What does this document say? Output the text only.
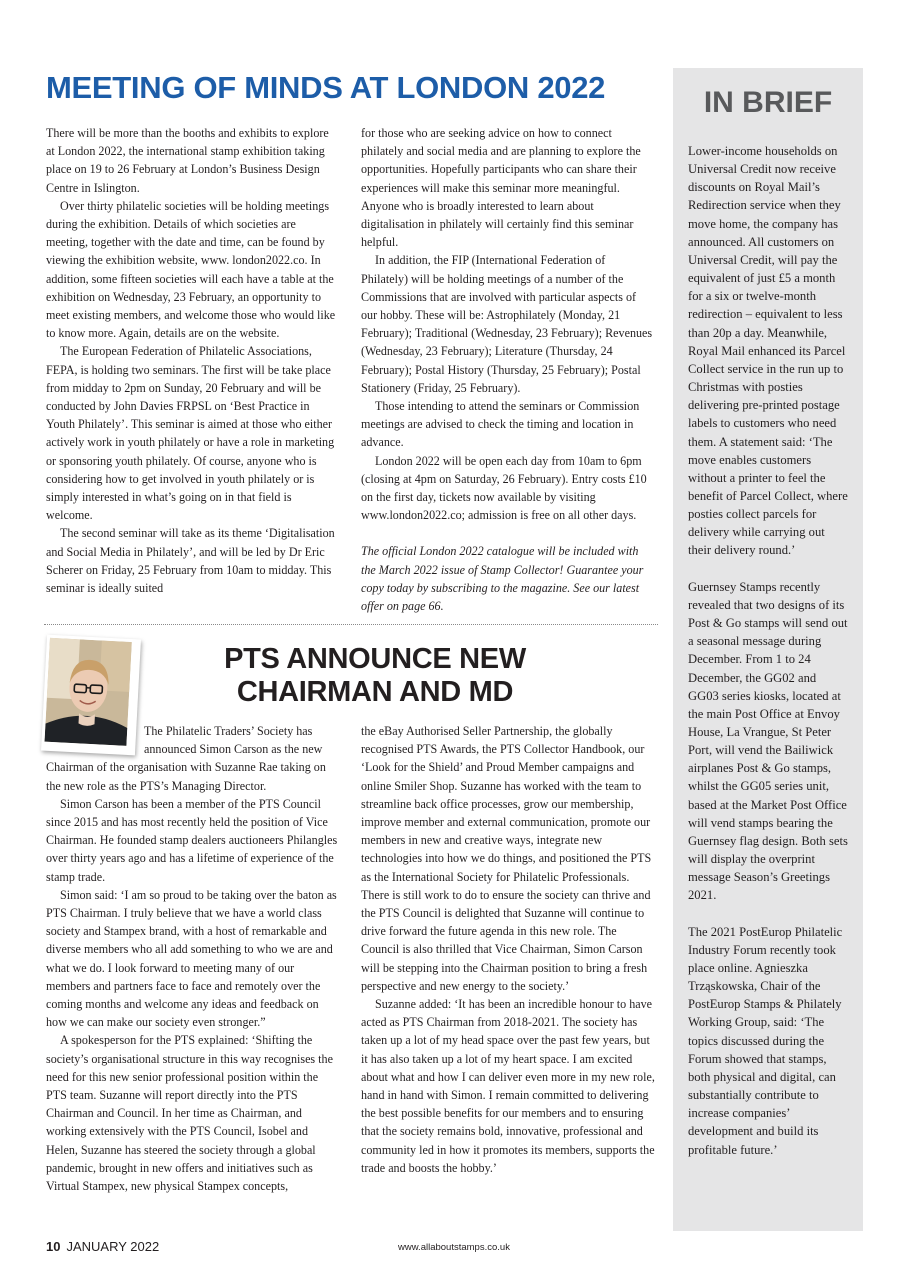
MEETING OF MINDS AT LONDON 2022

There will be more than the booths and exhibits to explore at London 2022, the international stamp exhibition taking place on 19 to 26 February at London’s Business Design Centre in Islington.

Over thirty philatelic societies will be holding meetings during the exhibition. Details of which societies are meeting, together with the date and time, can be found by viewing the exhibition website, www. london2022.co. In addition, some fifteen societies will each have a table at the exhibition on Wednesday, 23 February, an opportunity to meet existing members, and welcome those who would like to know more. Again, details are on the website.

The European Federation of Philatelic Associations, FEPA, is holding two seminars. The first will be take place from midday to 2pm on Sunday, 20 February and will be conducted by John Davies FRPSL on ‘Best Practice in Youth Philately’. This seminar is aimed at those who either actively work in youth philately or have a role in marketing or sponsoring youth philately. Of course, anyone who is considering how to get involved in youth philately or is simply interested in what’s going on in that field is welcome.

The second seminar will take as its theme ‘Digitalisation and Social Media in Philately’, and will be led by Dr Eric Scherer on Friday, 25 February from 10am to midday. This seminar is ideally suited

for those who are seeking advice on how to connect philately and social media and are planning to explore the opportunities. Hopefully participants who can share their experiences will make this seminar more meaningful. Anyone who is broadly interested to learn about digitalisation in philately will certainly find this seminar helpful.

In addition, the FIP (International Federation of Philately) will be holding meetings of a number of the Commissions that are involved with particular aspects of our hobby. These will be: Astrophilately (Monday, 21 February); Traditional (Wednesday, 23 February); Revenues (Wednesday, 23 February); Literature (Thursday, 24 February); Postal History (Thursday, 25 February); Postal Stationery (Friday, 25 February).

Those intending to attend the seminars or Commission meetings are advised to check the timing and location in advance.

London 2022 will be open each day from 10am to 6pm (closing at 4pm on Saturday, 26 February). Entry costs £10 on the first day, tickets now available by visiting www.london2022.co; admission is free on all other days.

The official London 2022 catalogue will be included with the March 2022 issue of Stamp Collector! Guarantee your copy today by subscribing to the magazine. See our latest offer on page 66.

PTS ANNOUNCE NEW CHAIRMAN AND MD
The Philatelic Traders’ Society has
announced Simon Carson as the new
Chairman of the organisation with Suzanne Rae taking on the new role as the PTS’s Managing Director.

Simon Carson has been a member of the PTS Council since 2015 and has most recently held the position of Vice Chairman. He founded stamp dealers auctioneers Philangles over thirty years ago and has a lifetime of experience of the stamp trade.

Simon said: ‘I am so proud to be taking over the baton as PTS Chairman. I truly believe that we have a world class society and Stampex brand, with a host of remarkable and diverse members who all add something to who we are and what we do. I look forward to meeting many of our members and partners face to face and remotely over the coming months and welcome any ideas and feedback on how we can make our society even stronger.”

A spokesperson for the PTS explained: ‘Shifting the society’s organisational structure in this way recognises the need for this new senior professional position within the PTS team. Suzanne will report directly into the PTS Chairman and Council. In her time as Chairman, and working extensively with the PTS Council, Isobel and Helen, Suzanne has steered the society through a global pandemic, brought in new offers and initiatives such as Virtual Stampex, new physical Stampex concepts,

the eBay Authorised Seller Partnership, the globally recognised PTS Awards, the PTS Collector Handbook, our ‘Look for the Shield’ and Proud Member campaigns and online Smiler Shop. Suzanne has worked with the team to streamline back office processes, grow our membership, improve member and external communication, promote our members in new and creative ways, integrate new technologies into how we do things, and positioned the PTS as the International Society for Philatelic Professionals. There is still work to do to ensure the society can thrive and the PTS Council is delighted that Suzanne will continue to drive forward the future agenda in this new role. The Council is also thrilled that Vice Chairman, Simon Carson will be stepping into the Chairman position to bring a fresh perspective and new energy to the society.’

Suzanne added: ‘It has been an incredible honour to have acted as PTS Chairman from 2018-2021. The society has taken up a lot of my head space over the past few years, but it has also taken up a lot of my heart space. I am excited about what and how I can deliver even more in my new role, hand in hand with Simon. I remain committed to delivering the best possible benefits for our members and to ensuring that the society remains bold, innovative, professional and community led in how it promotes its members, supports the trade and boosts the hobby.’

IN BRIEF

Lower-income households on Universal Credit now receive discounts on Royal Mail’s Redirection service when they move home, the company has announced. All customers on Universal Credit, will pay the equivalent of just £5 a month for a six or twelve-month redirection – equivalent to less than 20p a day. Meanwhile, Royal Mail enhanced its Parcel Collect service in the run up to Christmas with posties delivering pre-printed postage labels to customers who need them. A statement said: ‘The move enables customers without a printer to feel the benefit of Parcel Collect, where posties collect parcels for delivery while carrying out their delivery round.’

Guernsey Stamps recently revealed that two designs of its Post & Go stamps will send out a seasonal message during December. From 1 to 24 December, the GG02 and GG03 series kiosks, located at the main Post Office at Envoy House, La Vrangue, St Peter Port, will vend the Bailiwick airplanes Post & Go stamps, whilst the GG05 series unit, based at the Market Post Office will vend stamps bearing the Guernsey flag design. Both sets will display the overprint message Season’s Greetings 2021.

The 2021 PostEurop Philatelic Industry Forum recently took place online. Agnieszka Trząskowska, Chair of the PostEurop Stamps & Philately Working Group, said: ‘The topics discussed during the Forum showed that stamps, both physical and digital, can substantially contribute to increase companies’ development and build its profitable future.’

10 JANUARY 2022	www.allaboutstamps.co.uk
